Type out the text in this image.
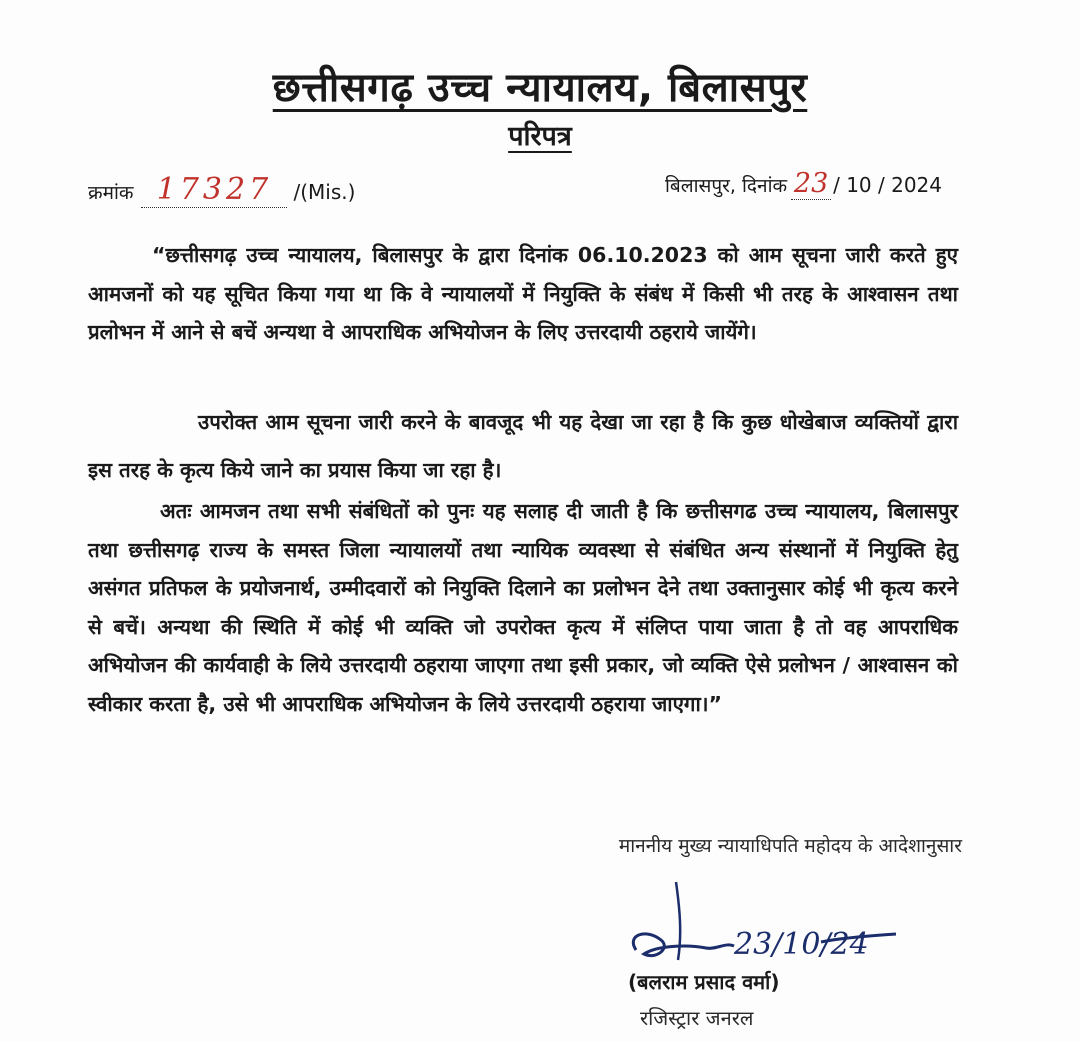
छत्तीसगढ़ उच्च न्यायालय, बिलासपुर
परिपत्र
क्रमांक 17327	/(Mis.)	बिलासपुर, दिनांक 23 / 10 / 2024
“छत्तीसगढ़ उच्च न्यायालय, बिलासपुर के द्वारा दिनांक 06.10.2023 को आम सूचना जारी करते हुए आमजनों को यह सूचित किया गया था कि वे न्यायालयों में नियुक्ति के संबंध में किसी भी तरह के आश्वासन तथा प्रलोभन में आने से बचें अन्यथा वे आपराधिक अभियोजन के लिए उत्तरदायी ठहराये जायेंगे।
उपरोक्त आम सूचना जारी करने के बावजूद भी यह देखा जा रहा है कि कुछ धोखेबाज व्यक्तियों द्वारा इस तरह के कृत्य किये जाने का प्रयास किया जा रहा है।
अतः आमजन तथा सभी संबंधितों को पुनः यह सलाह दी जाती है कि छत्तीसगढ उच्च न्यायालय, बिलासपुर तथा छत्तीसगढ़ राज्य के समस्त जिला न्यायालयों तथा न्यायिक व्यवस्था से संबंधित अन्य संस्थानों में नियुक्ति हेतु असंगत प्रतिफल के प्रयोजनार्थ, उम्मीदवारों को नियुक्ति दिलाने का प्रलोभन देने तथा उक्तानुसार कोई भी कृत्य करने से बचें। अन्यथा की स्थिति में कोई भी व्यक्ति जो उपरोक्त कृत्य में संलिप्त पाया जाता है तो वह आपराधिक अभियोजन की कार्यवाही के लिये उत्तरदायी ठहराया जाएगा तथा इसी प्रकार, जो व्यक्ति ऐसे प्रलोभन / आश्वासन को स्वीकार करता है, उसे भी आपराधिक अभियोजन के लिये उत्तरदायी ठहराया जाएगा।”
माननीय मुख्य न्यायाधिपति महोदय के आदेशानुसार
23/10/24
(बलराम प्रसाद वर्मा)
रजिस्ट्रार जनरल
